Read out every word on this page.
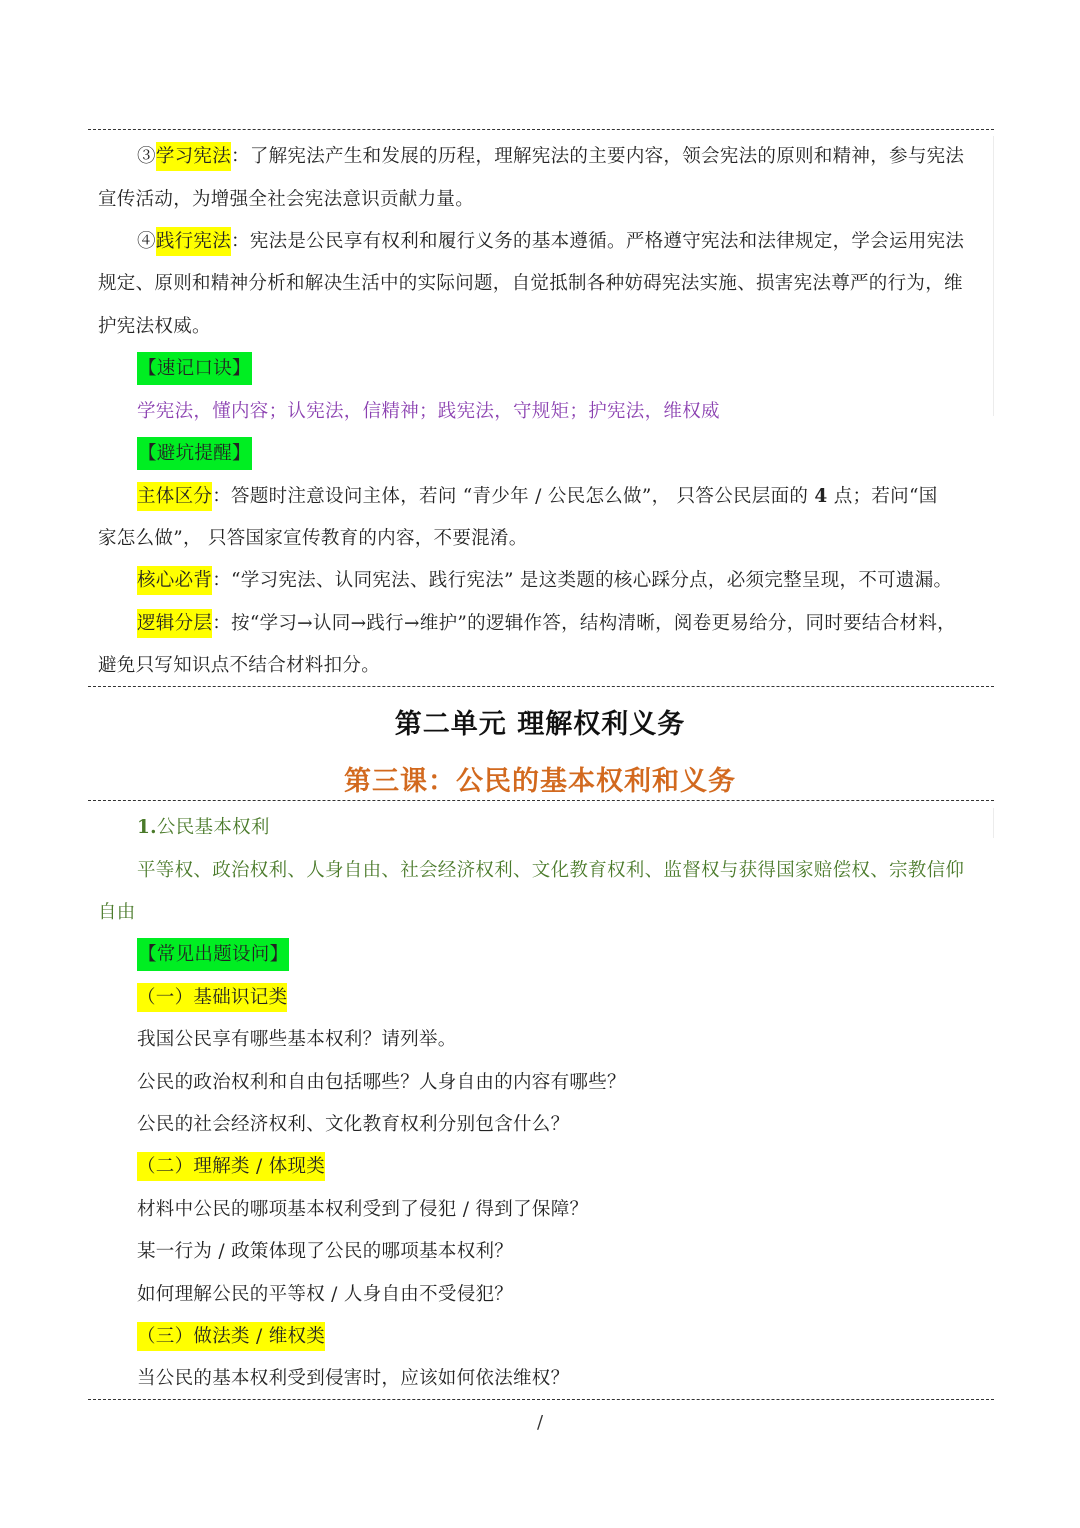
③学习宪法：了解宪法产生和发展的历程，理解宪法的主要内容，领会宪法的原则和精神，参与宪法
宣传活动，为增强全社会宪法意识贡献力量。
④践行宪法：宪法是公民享有权利和履行义务的基本遵循。严格遵守宪法和法律规定，学会运用宪法
规定、原则和精神分析和解决生活中的实际问题，自觉抵制各种妨碍宪法实施、损害宪法尊严的行为，维
护宪法权威。
【速记口诀】
学宪法，懂内容；认宪法，信精神；践宪法，守规矩；护宪法，维权威
【避坑提醒】
主体区分：答题时注意设问主体，若问 “青少年 / 公民怎么做”， 只答公民层面的 4 点；若问“国
家怎么做”， 只答国家宣传教育的内容，不要混淆。
核心必背：“学习宪法、认同宪法、践行宪法” 是这类题的核心踩分点，必须完整呈现，不可遗漏。
逻辑分层：按“学习→认同→践行→维护”的逻辑作答，结构清晰，阅卷更易给分，同时要结合材料，
避免只写知识点不结合材料扣分。
第二单元 理解权利义务
第三课：公民的基本权利和义务
1.公民基本权利
平等权、政治权利、人身自由、社会经济权利、文化教育权利、监督权与获得国家赔偿权、宗教信仰
自由
【常见出题设问】
（一）基础识记类
我国公民享有哪些基本权利？请列举。
公民的政治权利和自由包括哪些？人身自由的内容有哪些？
公民的社会经济权利、文化教育权利分别包含什么？
（二）理解类 / 体现类
材料中公民的哪项基本权利受到了侵犯 / 得到了保障？
某一行为 / 政策体现了公民的哪项基本权利？
如何理解公民的平等权 / 人身自由不受侵犯？
（三）做法类 / 维权类
当公民的基本权利受到侵害时，应该如何依法维权？
/
